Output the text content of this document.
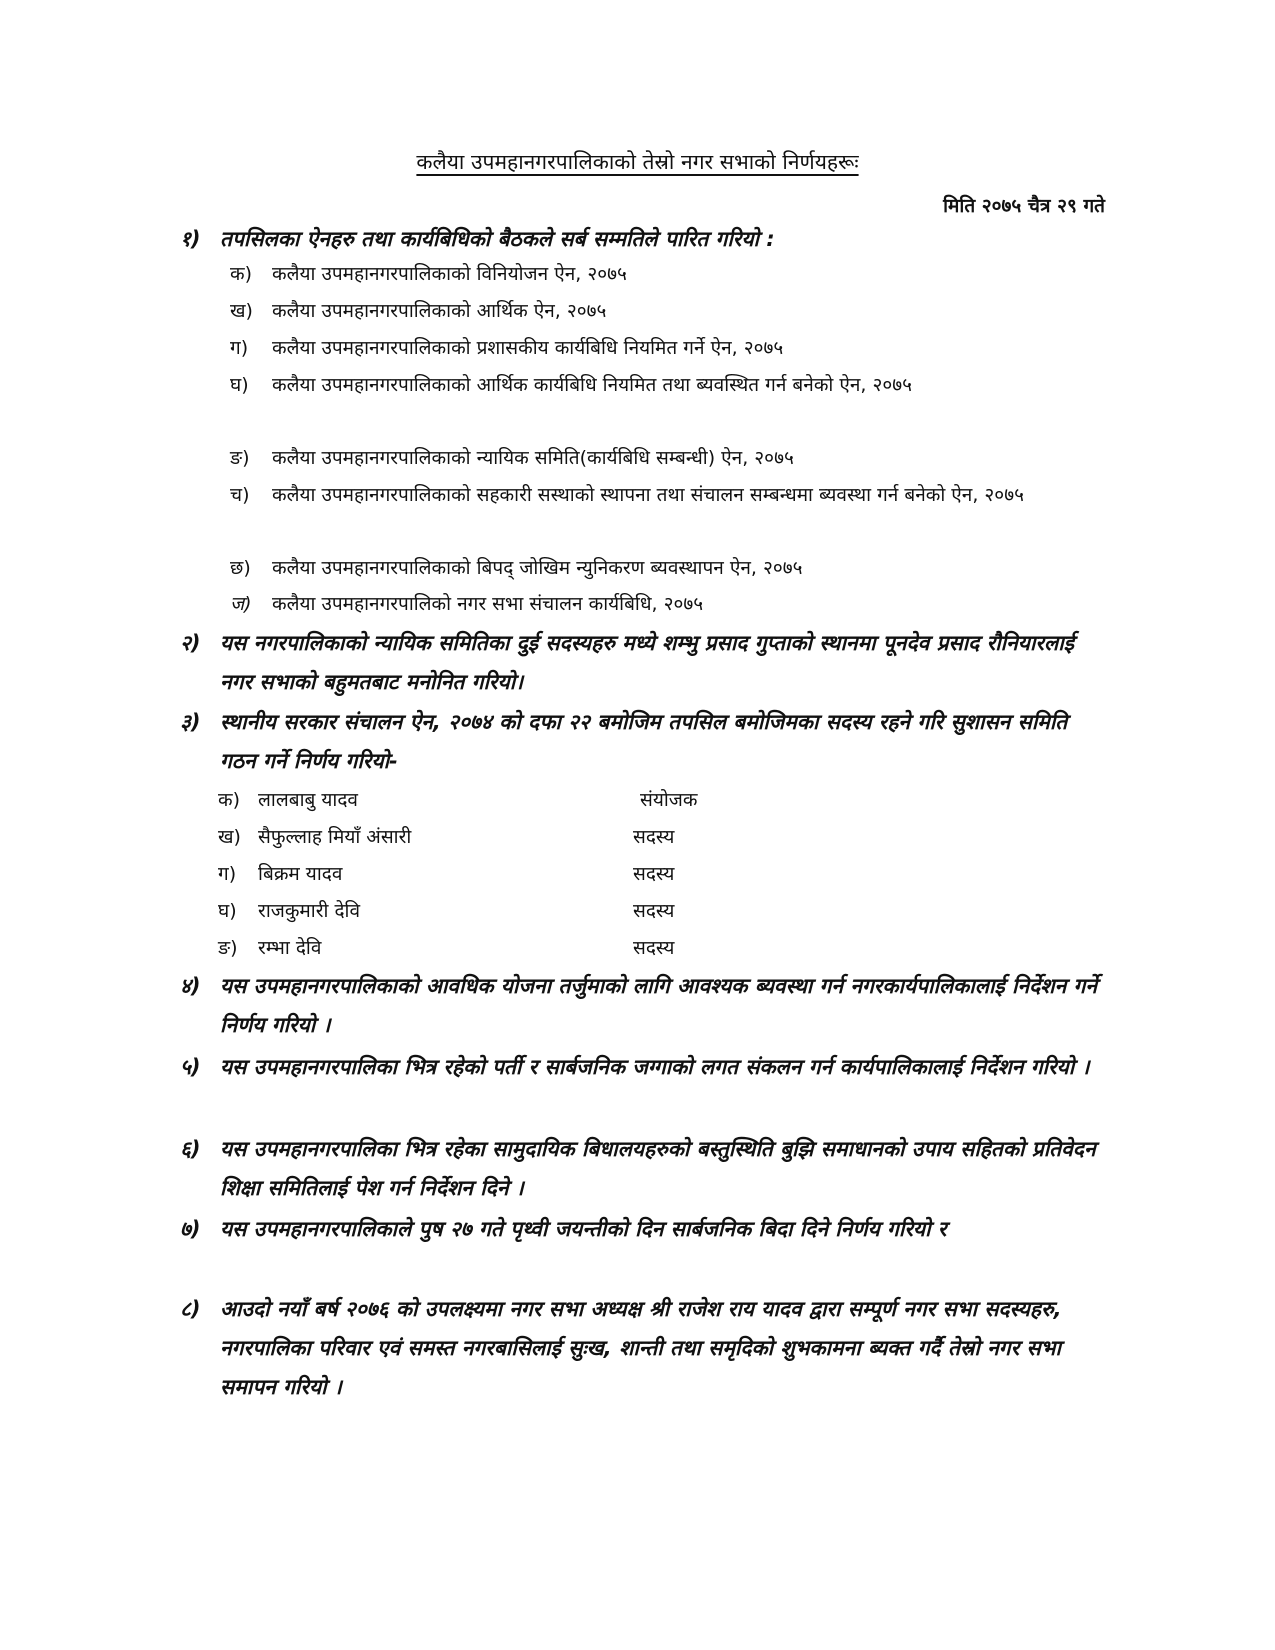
कलैया उपमहानगरपालिकाको तेस्रो नगर सभाको निर्णयहरूः
मिति २०७५ चैत्र २९ गते
१) तपसिलका ऐनहरु तथा कार्यबिधिको बैठकले सर्ब सम्मतिले पारित गरियो :
क)	कलैया उपमहानगरपालिकाको विनियोजन ऐन, २०७५
ख)	कलैया उपमहानगरपालिकाको आर्थिक ऐन, २०७५
ग)	कलैया उपमहानगरपालिकाको प्रशासकीय कार्यबिधि नियमित गर्ने ऐन, २०७५
घ)	कलैया उपमहानगरपालिकाको आर्थिक कार्यबिधि नियमित तथा ब्यवस्थित गर्न बनेको ऐन, २०७५
ङ)	कलैया उपमहानगरपालिकाको न्यायिक समिति(कार्यबिधि सम्बन्धी) ऐन, २०७५
च)	कलैया उपमहानगरपालिकाको सहकारी सस्थाको स्थापना तथा संचालन सम्बन्धमा ब्यवस्था गर्न बनेको ऐन, २०७५
छ)	कलैया उपमहानगरपालिकाको बिपद् जोखिम न्युनिकरण ब्यवस्थापन ऐन, २०७५
ज)	कलैया उपमहानगरपालिको नगर सभा संचालन कार्यबिधि, २०७५
२) यस नगरपालिकाको न्यायिक समितिका दुई सदस्यहरु मध्ये शम्भु प्रसाद गुप्ताको स्थानमा पूनदेव प्रसाद रौनियारलाई नगर सभाको बहुमतबाट मनोनित गरियो।
३) स्थानीय सरकार संचालन ऐन, २०७४ को दफा २२ बमोजिम तपसिल बमोजिमका सदस्य रहने गरि सुशासन समिति गठन गर्ने निर्णय गरियो-
क) लालबाबु यादव	संयोजक
ख) सैफुल्लाह मियाँ अंसारी	सदस्य
ग) बिक्रम यादव	सदस्य
घ) राजकुमारी देवि	सदस्य
ङ) रम्भा देवि	सदस्य
४) यस उपमहानगरपालिकाको आवधिक योजना तर्जुमाको लागि आवश्यक ब्यवस्था गर्न नगरकार्यपालिकालाई निर्देशन गर्ने निर्णय गरियो ।
५) यस उपमहानगरपालिका भित्र रहेको पर्ती र सार्बजनिक जग्गाको लगत संकलन गर्न कार्यपालिकालाई निर्देशन गरियो ।
६) यस उपमहानगरपालिका भित्र रहेका सामुदायिक बिधालयहरुको बस्तुस्थिति बुझि समाधानको उपाय सहितको प्रतिवेदन शिक्षा समितिलाई पेश गर्न निर्देशन दिने ।
७) यस उपमहानगरपालिकाले पुष २७ गते पृथ्वी जयन्तीको दिन सार्बजनिक बिदा दिने निर्णय गरियो र
८) आउदो नयाँ बर्ष २०७६ को उपलक्ष्यमा नगर सभा अध्यक्ष श्री राजेश राय यादव द्वारा सम्पूर्ण नगर सभा सदस्यहरु, नगरपालिका परिवार एवं समस्त नगरबासिलाई सुःख, शान्ती तथा समृदिको शुभकामना ब्यक्त गर्दै तेस्रो नगर सभा समापन गरियो ।
